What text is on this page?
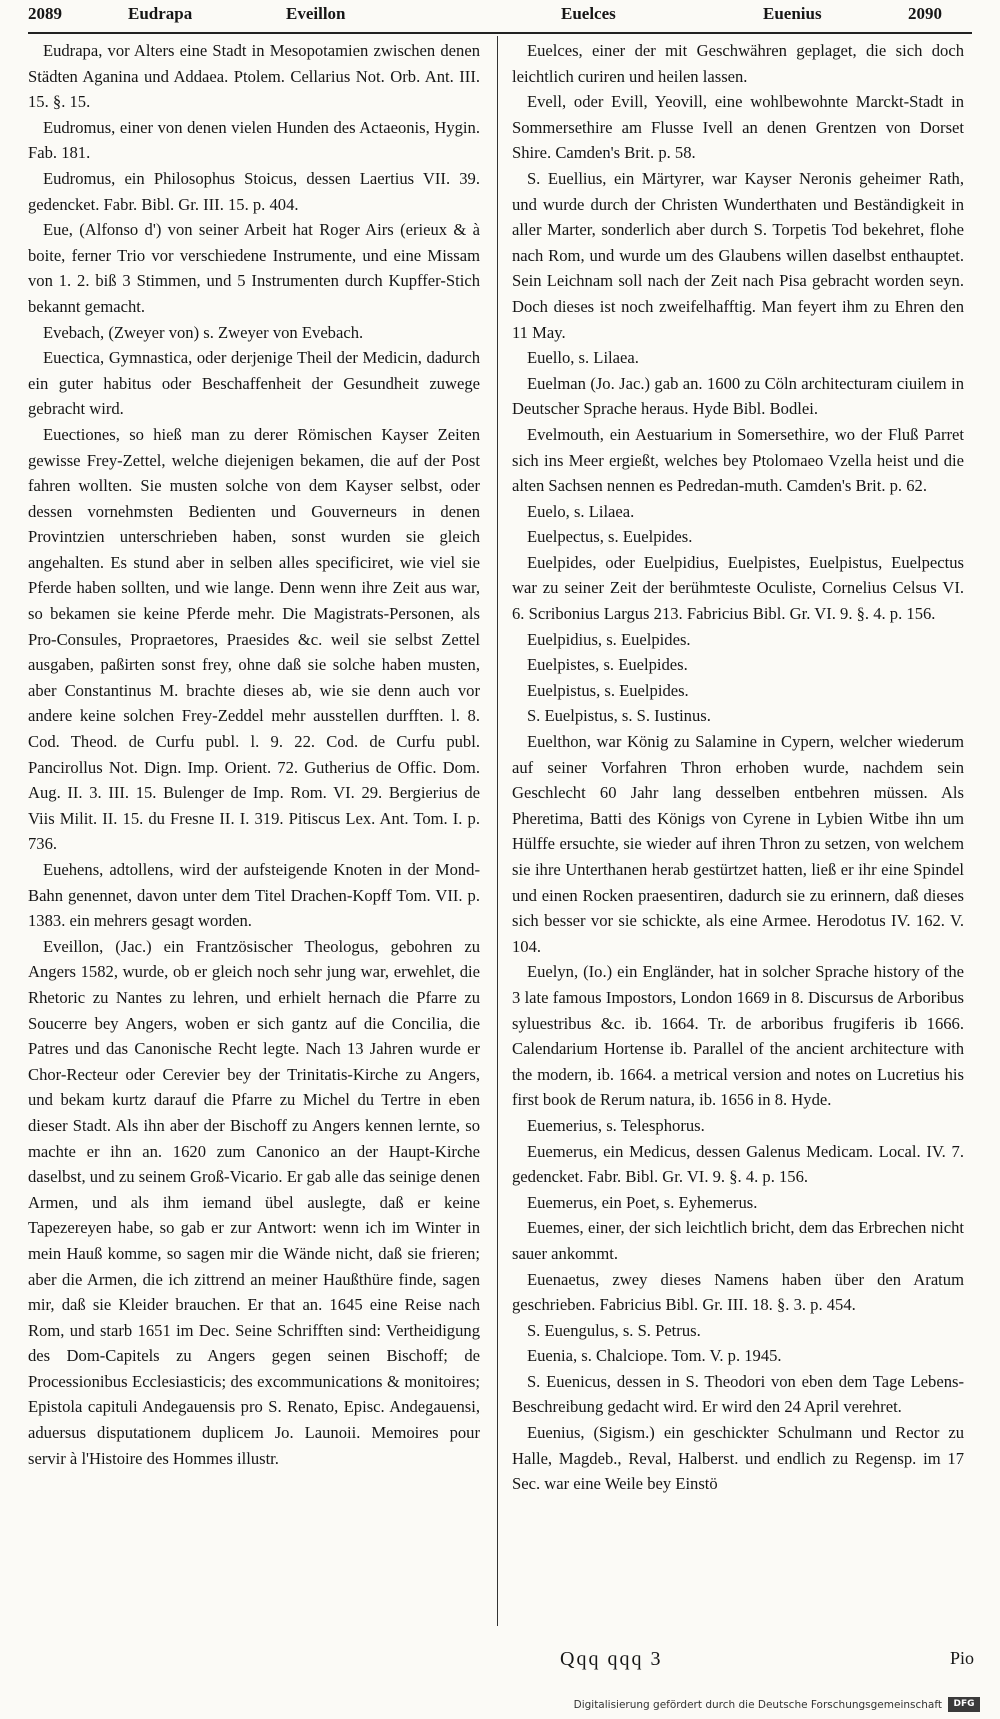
2089	Eudrapa	Eveillon	Euelces	Euenius	2090

Eudrapa, vor Alters eine Stadt in Mesopotamien zwischen denen Städten Aganina und Addaea. Ptolem. Cellarius Not. Orb. Ant. III. 15. §. 15.

Eudromus, einer von denen vielen Hunden des Actaeonis, Hygin. Fab. 181.

Eudromus, ein Philosophus Stoicus, dessen Laertius VII. 39. gedencket. Fabr. Bibl. Gr. III. 15. p. 404.

Eue, (Alfonso d') von seiner Arbeit hat Roger Airs (erieux & à boite, ferner Trio vor verschiedene Instrumente, und eine Missam von 1. 2. biß 3 Stimmen, und 5 Instrumenten durch Kupffer-Stich bekannt gemacht.

Evebach, (Zweyer von) s. Zweyer von Evebach.

Euectica, Gymnastica, oder derjenige Theil der Medicin, dadurch ein guter habitus oder Beschaffenheit der Gesundheit zuwege gebracht wird.

Euectiones, so hieß man zu derer Römischen Kayser Zeiten gewisse Frey-Zettel, welche diejenigen bekamen, die auf der Post fahren wollten. Sie musten solche von dem Kayser selbst, oder dessen vornehmsten Bedienten und Gouverneurs in denen Provintzien unterschrieben haben, sonst wurden sie gleich angehalten. Es stund aber in selben alles specificiret, wie viel sie Pferde haben sollten, und wie lange. Denn wenn ihre Zeit aus war, so bekamen sie keine Pferde mehr. Die Magistrats-Personen, als Pro-Consules, Propraetores, Praesides &c. weil sie selbst Zettel ausgaben, paßirten sonst frey, ohne daß sie solche haben musten, aber Constantinus M. brachte dieses ab, wie sie denn auch vor andere keine solchen Frey-Zeddel mehr ausstellen durfften. l. 8. Cod. Theod. de Curfu publ. l. 9. 22. Cod. de Curfu publ. Pancirollus Not. Dign. Imp. Orient. 72. Gutherius de Offic. Dom. Aug. II. 3. III. 15. Bulenger de Imp. Rom. VI. 29. Bergierius de Viis Milit. II. 15. du Fresne II. I. 319. Pitiscus Lex. Ant. Tom. I. p. 736.

Euehens, adtollens, wird der aufsteigende Knoten in der Mond-Bahn genennet, davon unter dem Titel Drachen-Kopff Tom. VII. p. 1383. ein mehrers gesagt worden.

Eveillon, (Jac.) ein Frantzösischer Theologus, gebohren zu Angers 1582, wurde, ob er gleich noch sehr jung war, erwehlet, die Rhetoric zu Nantes zu lehren, und erhielt hernach die Pfarre zu Soucerre bey Angers, woben er sich gantz auf die Concilia, die Patres und das Canonische Recht legte. Nach 13 Jahren wurde er Chor-Recteur oder Cerevier bey der Trinitatis-Kirche zu Angers, und bekam kurtz darauf die Pfarre zu Michel du Tertre in eben dieser Stadt. Als ihn aber der Bischoff zu Angers kennen lernte, so machte er ihn an. 1620 zum Canonico an der Haupt-Kirche daselbst, und zu seinem Groß-Vicario. Er gab alle das seinige denen Armen, und als ihm iemand übel auslegte, daß er keine Tapezereyen habe, so gab er zur Antwort: wenn ich im Winter in mein Hauß komme, so sagen mir die Wände nicht, daß sie frieren; aber die Armen, die ich zittrend an meiner Haußthüre finde, sagen mir, daß sie Kleider brauchen. Er that an. 1645 eine Reise nach Rom, und starb 1651 im Dec. Seine Schrifften sind: Vertheidigung des Dom-Capitels zu Angers gegen seinen Bischoff; de Processionibus Ecclesiasticis; des excommunications & monitoires; Epistola capituli Andegauensis pro S. Renato, Episc. Andegauensi, aduersus disputationem duplicem Jo. Launoii. Memoires pour servir à l'Histoire des Hommes illustr.

Euelces, einer der mit Geschwähren geplaget, die sich doch leichtlich curiren und heilen lassen.

Evell, oder Evill, Yeovill, eine wohlbewohnte Marckt-Stadt in Sommersethire am Flusse Ivell an denen Grentzen von Dorset Shire. Camden's Brit. p. 58.

S. Euellius, ein Märtyrer, war Kayser Neronis geheimer Rath, und wurde durch der Christen Wunderthaten und Beständigkeit in aller Marter, sonderlich aber durch S. Torpetis Tod bekehret, flohe nach Rom, und wurde um des Glaubens willen daselbst enthauptet. Sein Leichnam soll nach der Zeit nach Pisa gebracht worden seyn. Doch dieses ist noch zweifelhafftig. Man feyert ihm zu Ehren den 11 May.

Euello, s. Lilaea.

Euelman (Jo. Jac.) gab an. 1600 zu Cöln architecturam ciuilem in Deutscher Sprache heraus. Hyde Bibl. Bodlei.

Evelmouth, ein Aestuarium in Somersethire, wo der Fluß Parret sich ins Meer ergießt, welches bey Ptolomaeo Vzella heist und die alten Sachsen nennen es Pedredan-muth. Camden's Brit. p. 62.

Euelo, s. Lilaea.

Euelpectus, s. Euelpides.

Euelpides, oder Euelpidius, Euelpistes, Euelpistus, Euelpectus war zu seiner Zeit der berühmteste Oculiste, Cornelius Celsus VI. 6. Scribonius Largus 213. Fabricius Bibl. Gr. VI. 9. §. 4. p. 156.

Euelpidius, s. Euelpides.

Euelpistes, s. Euelpides.

Euelpistus, s. Euelpides.

S. Euelpistus, s. S. Iustinus.

Euelthon, war König zu Salamine in Cypern, welcher wiederum auf seiner Vorfahren Thron erhoben wurde, nachdem sein Geschlecht 60 Jahr lang desselben entbehren müssen. Als Pheretima, Batti des Königs von Cyrene in Lybien Witbe ihn um Hülffe ersuchte, sie wieder auf ihren Thron zu setzen, von welchem sie ihre Unterthanen herab gestürtzet hatten, ließ er ihr eine Spindel und einen Rocken praesentiren, dadurch sie zu erinnern, daß dieses sich besser vor sie schickte, als eine Armee. Herodotus IV. 162. V. 104.

Euelyn, (Io.) ein Engländer, hat in solcher Sprache history of the 3 late famous Impostors, London 1669 in 8. Discursus de Arboribus syluestribus &c. ib. 1664. Tr. de arboribus frugiferis ib 1666. Calendarium Hortense ib. Parallel of the ancient architecture with the modern, ib. 1664. a metrical version and notes on Lucretius his first book de Rerum natura, ib. 1656 in 8. Hyde.

Euemerius, s. Telesphorus.

Euemerus, ein Medicus, dessen Galenus Medicam. Local. IV. 7. gedencket. Fabr. Bibl. Gr. VI. 9. §. 4. p. 156.

Euemerus, ein Poet, s. Eyhemerus.

Euemes, einer, der sich leichtlich bricht, dem das Erbrechen nicht sauer ankommt.

Euenaetus, zwey dieses Namens haben über den Aratum geschrieben. Fabricius Bibl. Gr. III. 18. §. 3. p. 454.

S. Euengulus, s. S. Petrus.

Euenia, s. Chalciope. Tom. V. p. 1945.

S. Euenicus, dessen in S. Theodori von eben dem Tage Lebens-Beschreibung gedacht wird. Er wird den 24 April verehret.

Euenius, (Sigism.) ein geschickter Schulmann und Rector zu Halle, Magdeb., Reval, Halberst. und endlich zu Regensp. im 17 Sec. war eine Weile bey Einstö

Qqq qqq 3	Pio
Digitalisierung gefördert durch die Deutsche Forschungsgemeinschaft	DFG
